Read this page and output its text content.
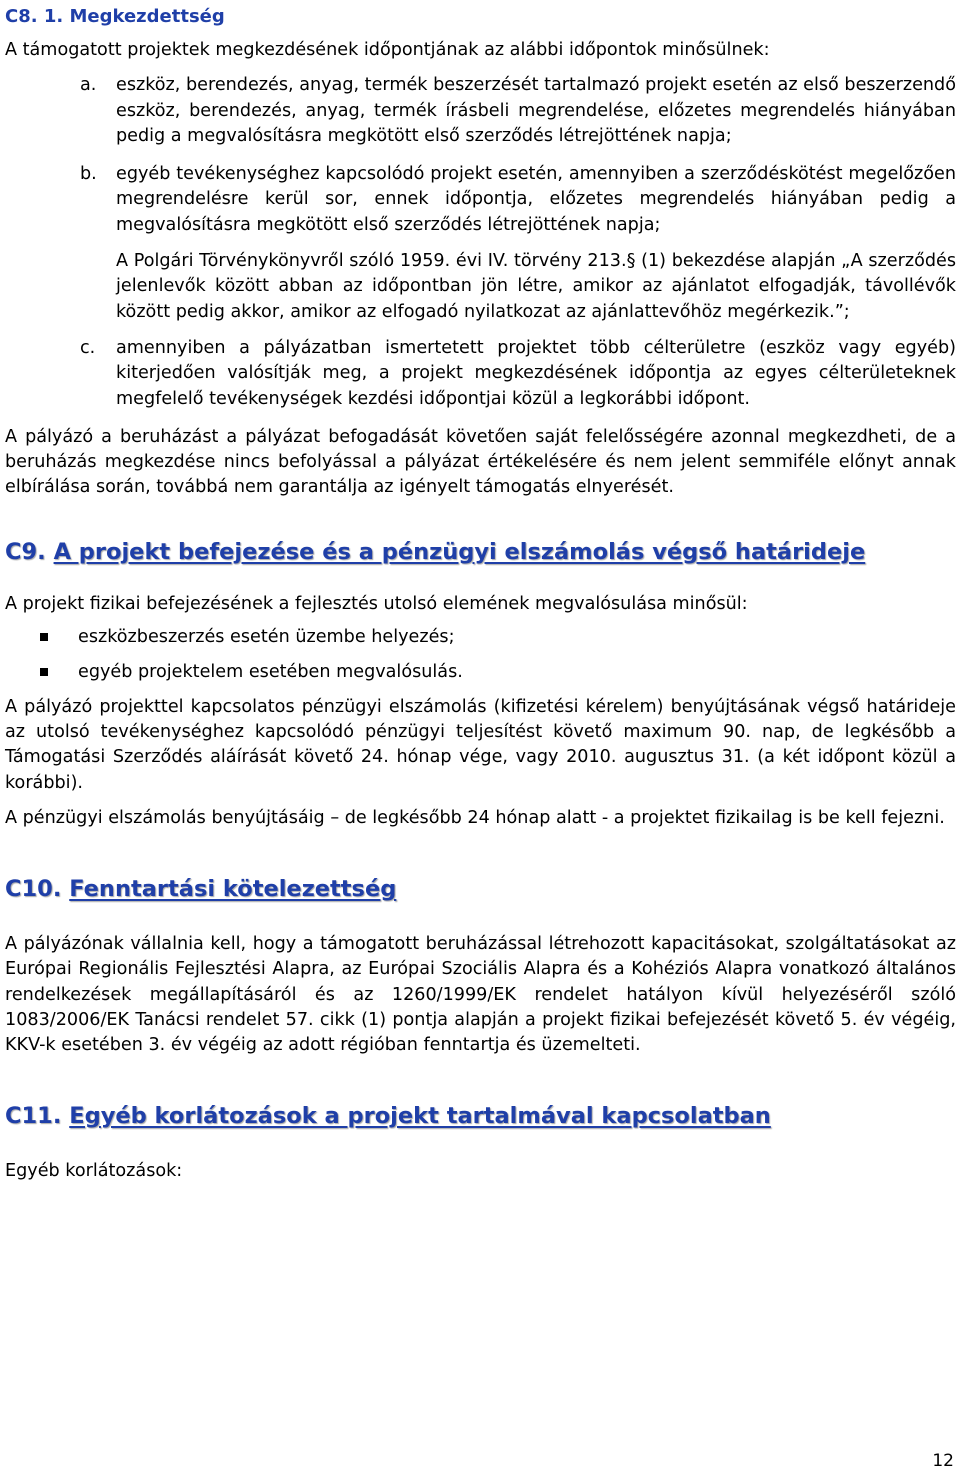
C8. 1. Megkezdettség

A támogatott projektek megkezdésének időpontjának az alábbi időpontok minősülnek:

a.	eszköz, berendezés, anyag, termék beszerzését tartalmazó projekt esetén az első beszerzendő eszköz, berendezés, anyag, termék írásbeli megrendelése, előzetes megrendelés hiányában pedig a megvalósításra megkötött első szerződés létrejöttének napja;

b.	egyéb tevékenységhez kapcsolódó projekt esetén, amennyiben a szerződéskötést megelőzően megrendelésre kerül sor, ennek időpontja, előzetes megrendelés hiányában pedig a megvalósításra megkötött első szerződés létrejöttének napja;

A Polgári Törvénykönyvről szóló 1959. évi IV. törvény 213.§ (1) bekezdése alapján „A szerződés jelenlevők között abban az időpontban jön létre, amikor az ajánlatot elfogadják, távollévők között pedig akkor, amikor az elfogadó nyilatkozat az ajánlattevőhöz megérkezik.”;

c.	amennyiben a pályázatban ismertetett projektet több célterületre (eszköz vagy egyéb) kiterjedően valósítják meg, a projekt megkezdésének időpontja az egyes célterületeknek megfelelő tevékenységek kezdési időpontjai közül a legkorábbi időpont.

A pályázó a beruházást a pályázat befogadását követően saját felelősségére azonnal megkezdheti, de a beruházás megkezdése nincs befolyással a pályázat értékelésére és nem jelent semmiféle előnyt annak elbírálása során, továbbá nem garantálja az igényelt támogatás elnyerését.

C9. A projekt befejezése és a pénzügyi elszámolás végső határideje

A projekt fizikai befejezésének a fejlesztés utolsó elemének megvalósulása minősül:

eszközbeszerzés esetén üzembe helyezés;

egyéb projektelem esetében megvalósulás.

A pályázó projekttel kapcsolatos pénzügyi elszámolás (kifizetési kérelem) benyújtásának végső határideje az utolsó tevékenységhez kapcsolódó pénzügyi teljesítést követő maximum 90. nap, de legkésőbb a Támogatási Szerződés aláírását követő 24. hónap vége, vagy 2010. augusztus 31. (a két időpont közül a korábbi).

A pénzügyi elszámolás benyújtásáig – de legkésőbb 24 hónap alatt - a projektet fizikailag is be kell fejezni.

C10. Fenntartási kötelezettség

A pályázónak vállalnia kell, hogy a támogatott beruházással létrehozott kapacitásokat, szolgáltatásokat az Európai Regionális Fejlesztési Alapra, az Európai Szociális Alapra és a Kohéziós Alapra vonatkozó általános rendelkezések megállapításáról és az 1260/1999/EK rendelet hatályon kívül helyezéséről szóló 1083/2006/EK Tanácsi rendelet 57. cikk (1) pontja alapján a projekt fizikai befejezését követő 5. év végéig, KKV-k esetében 3. év végéig az adott régióban fenntartja és üzemelteti.

C11. Egyéb korlátozások a projekt tartalmával kapcsolatban

Egyéb korlátozások:

12
